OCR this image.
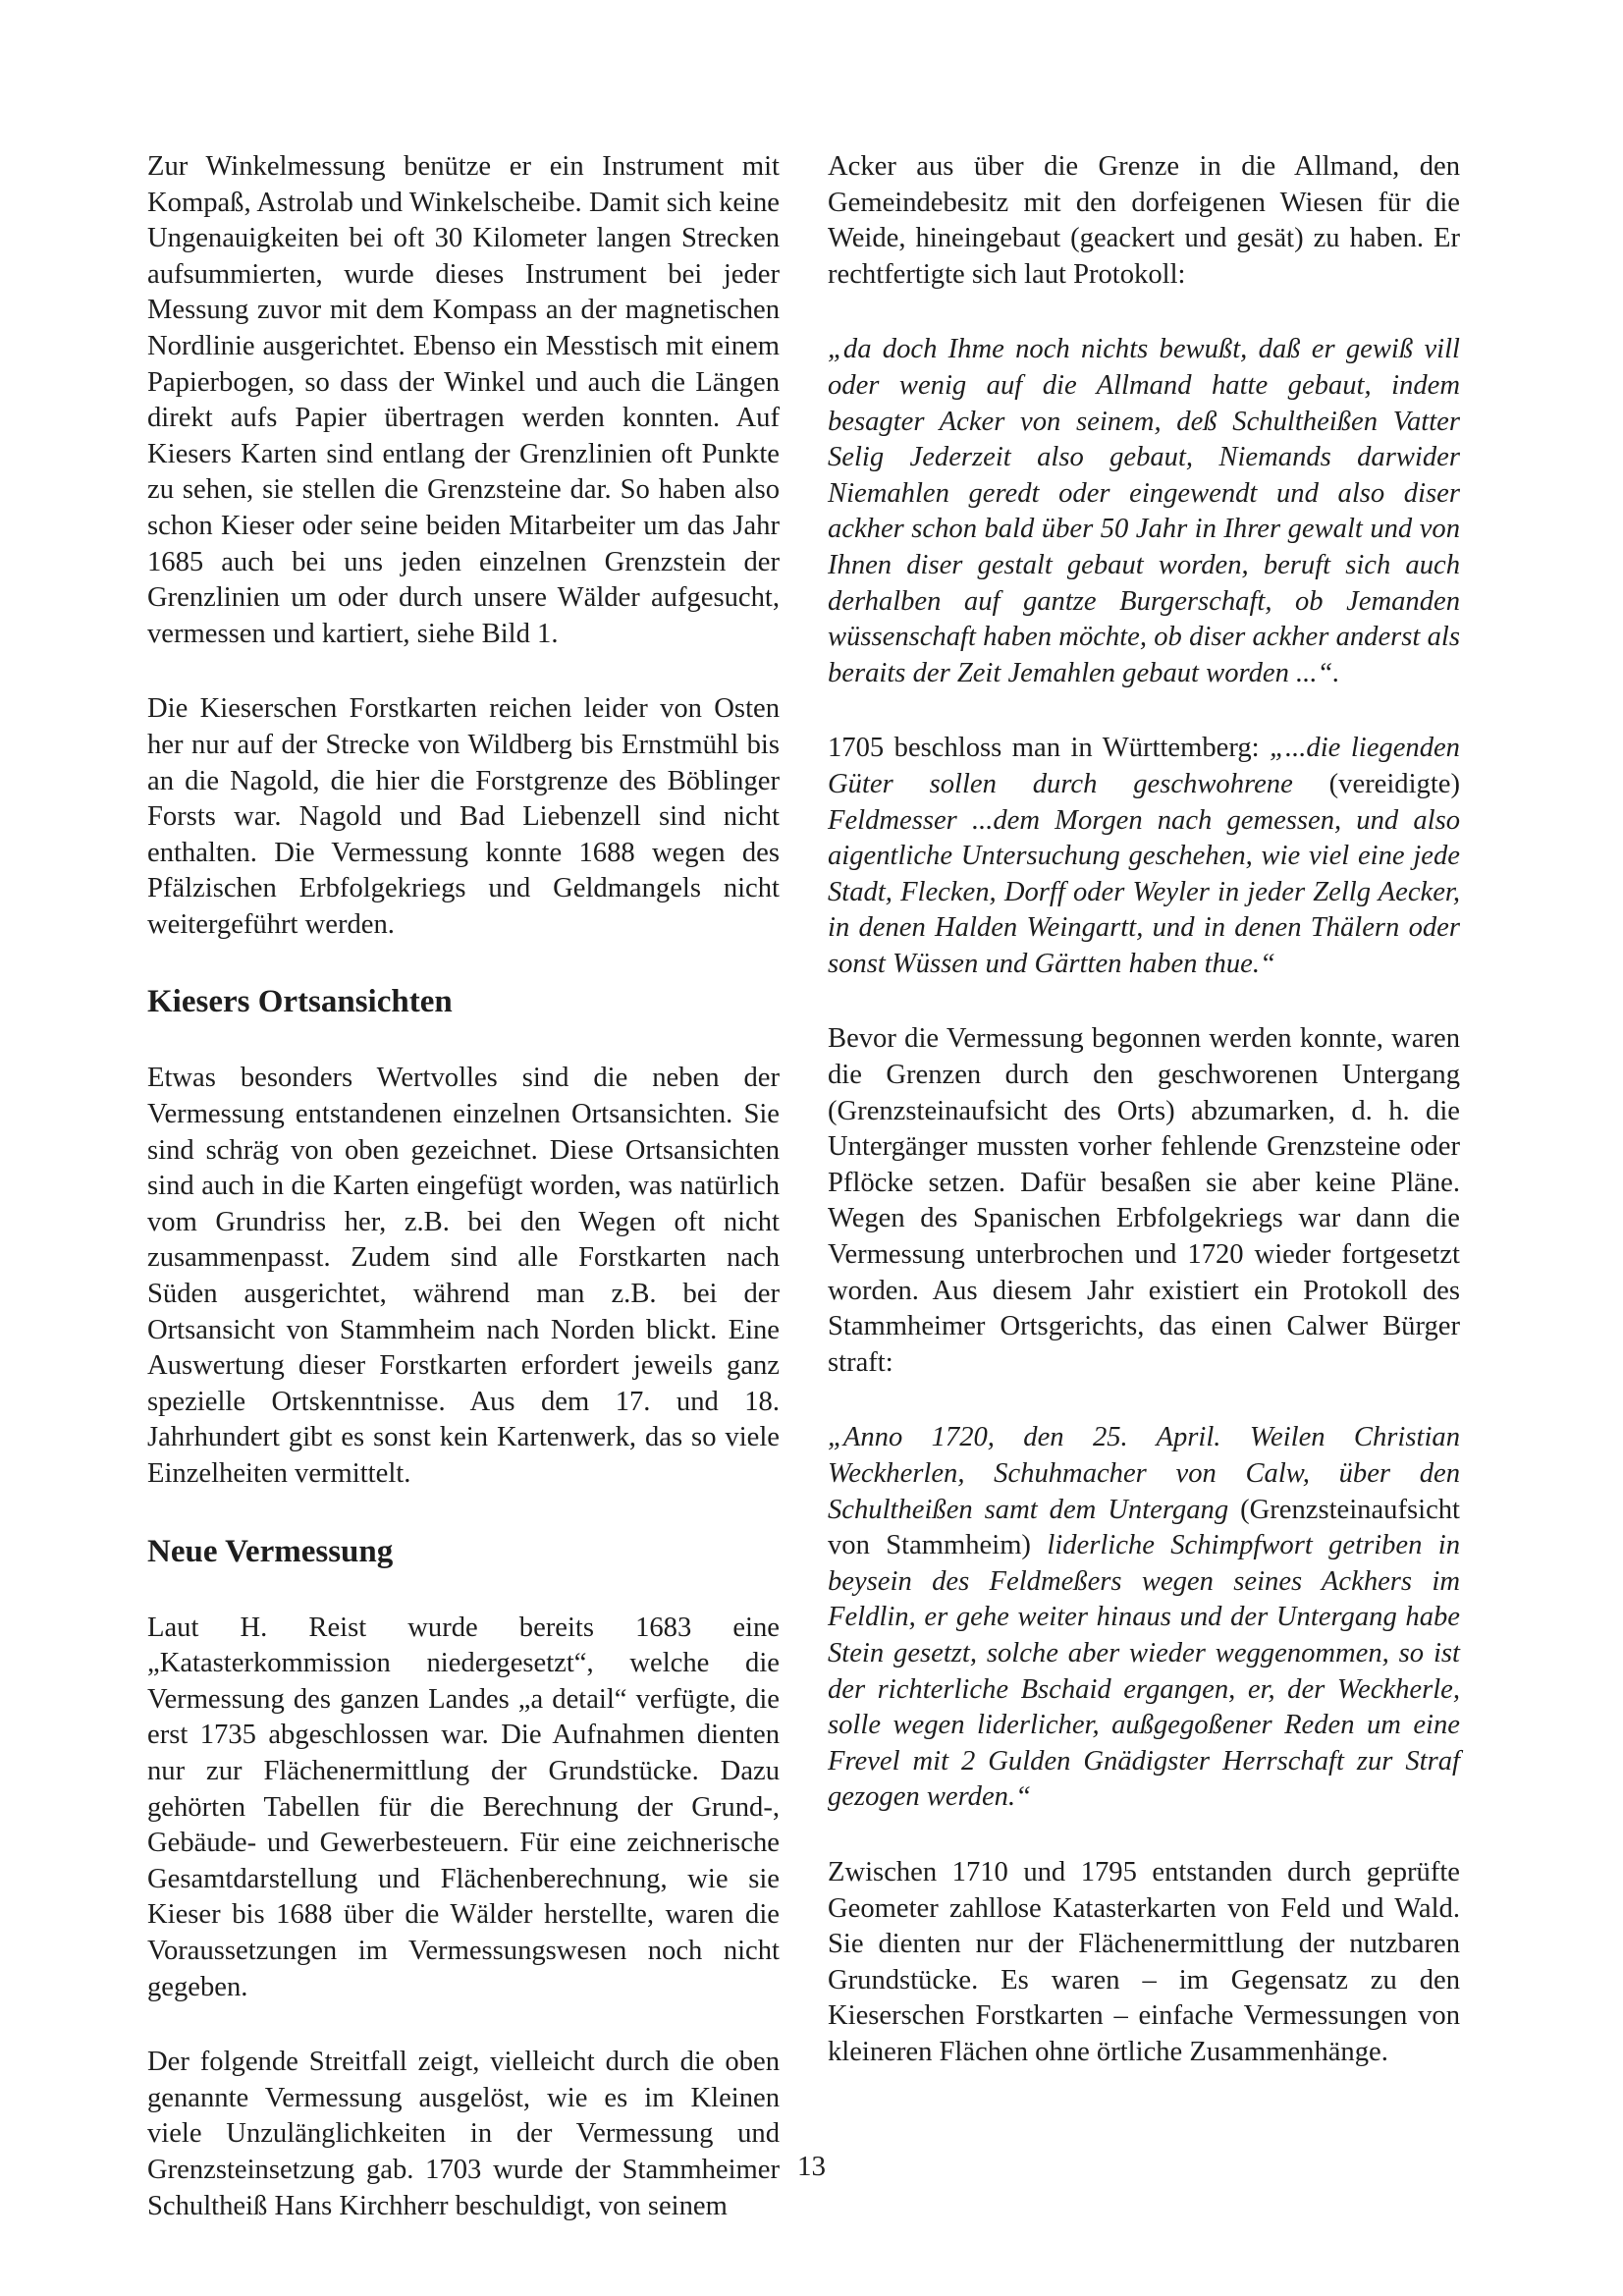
Zur Winkelmessung benütze er ein Instrument mit Kompaß, Astrolab und Winkelscheibe. Damit sich keine Ungenauigkeiten bei oft 30 Kilometer langen Strecken aufsummierten, wurde dieses Instrument bei jeder Messung zuvor mit dem Kompass an der magnetischen Nordlinie ausgerichtet. Ebenso ein Messtisch mit einem Papierbogen, so dass der Winkel und auch die Längen direkt aufs Papier übertragen werden konnten. Auf Kiesers Karten sind entlang der Grenzlinien oft Punkte zu sehen, sie stellen die Grenzsteine dar. So haben also schon Kieser oder seine beiden Mitarbeiter um das Jahr 1685 auch bei uns jeden einzelnen Grenzstein der Grenzlinien um oder durch unsere Wälder aufgesucht, vermessen und kartiert, siehe Bild 1.

Die Kieserschen Forstkarten reichen leider von Osten her nur auf der Strecke von Wildberg bis Ernstmühl bis an die Nagold, die hier die Forstgrenze des Böblinger Forsts war. Nagold und Bad Liebenzell sind nicht enthalten. Die Vermessung konnte 1688 wegen des Pfälzischen Erbfolgekriegs und Geldmangels nicht weitergeführt werden.

Kiesers Ortsansichten

Etwas besonders Wertvolles sind die neben der Vermessung entstandenen einzelnen Ortsansichten. Sie sind schräg von oben gezeichnet. Diese Ortsansichten sind auch in die Karten eingefügt worden, was natürlich vom Grundriss her, z.B. bei den Wegen oft nicht zusammenpasst. Zudem sind alle Forstkarten nach Süden ausgerichtet, während man z.B. bei der Ortsansicht von Stammheim nach Norden blickt. Eine Auswertung dieser Forstkarten erfordert jeweils ganz spezielle Ortskenntnisse. Aus dem 17. und 18. Jahrhundert gibt es sonst kein Kartenwerk, das so viele Einzelheiten vermittelt.

Neue Vermessung

Laut H. Reist wurde bereits 1683 eine „Katasterkommission niedergesetzt“, welche die Vermessung des ganzen Landes „a detail“ verfügte, die erst 1735 abgeschlossen war. Die Aufnahmen dienten nur zur Flächenermittlung der Grundstücke. Dazu gehörten Tabellen für die Berechnung der Grund-, Gebäude- und Gewerbesteuern. Für eine zeichnerische Gesamtdarstellung und Flächenberechnung, wie sie Kieser bis 1688 über die Wälder herstellte, waren die Voraussetzungen im Vermessungswesen noch nicht gegeben.

Der folgende Streitfall zeigt, vielleicht durch die oben genannte Vermessung ausgelöst, wie es im Kleinen viele Unzulänglichkeiten in der Vermessung und Grenzsteinsetzung gab. 1703 wurde der Stammheimer Schultheiß Hans Kirchherr beschuldigt, von seinem

Acker aus über die Grenze in die Allmand, den Gemeindebesitz mit den dorfeigenen Wiesen für die Weide, hineingebaut (geackert und gesät) zu haben. Er rechtfertigte sich laut Protokoll:

„da doch Ihme noch nichts bewußt, daß er gewiß vill oder wenig auf die Allmand hatte gebaut, indem besagter Acker von seinem, deß Schultheißen Vatter Selig Jederzeit also gebaut, Niemands darwider Niemahlen geredt oder eingewendt und also diser ackher schon bald über 50 Jahr in Ihrer gewalt und von Ihnen diser gestalt gebaut worden, beruft sich auch derhalben auf gantze Burgerschaft, ob Jemanden wüssenschaft haben möchte, ob diser ackher anderst als beraits der Zeit Jemahlen gebaut worden ...“.

1705 beschloss man in Württemberg: „...die liegenden Güter sollen durch geschwohrene (vereidigte) Feldmesser ...dem Morgen nach gemessen, und also aigentliche Untersuchung geschehen, wie viel eine jede Stadt, Flecken, Dorff oder Weyler in jeder Zellg Aecker, in denen Halden Weingartt, und in denen Thälern oder sonst Wüssen und Gärtten haben thue.“

Bevor die Vermessung begonnen werden konnte, waren die Grenzen durch den geschworenen Untergang (Grenzsteinaufsicht des Orts) abzumarken, d. h. die Untergänger mussten vorher fehlende Grenzsteine oder Pflöcke setzen. Dafür besaßen sie aber keine Pläne. Wegen des Spanischen Erbfolgekriegs war dann die Vermessung unterbrochen und 1720 wieder fortgesetzt worden. Aus diesem Jahr existiert ein Protokoll des Stammheimer Ortsgerichts, das einen Calwer Bürger straft:

„Anno 1720, den 25. April. Weilen Christian Weckherlen, Schuhmacher von Calw, über den Schultheißen samt dem Untergang (Grenzsteinaufsicht von Stammheim) liderliche Schimpfwort getriben in beysein des Feldmeßers wegen seines Ackhers im Feldlin, er gehe weiter hinaus und der Untergang habe Stein gesetzt, solche aber wieder weggenommen, so ist der richterliche Bschaid ergangen, er, der Weckherle, solle wegen liderlicher, außgegoßener Reden um eine Frevel mit 2 Gulden Gnädigster Herrschaft zur Straf gezogen werden.“

Zwischen 1710 und 1795 entstanden durch geprüfte Geometer zahllose Katasterkarten von Feld und Wald. Sie dienten nur der Flächenermittlung der nutzbaren Grundstücke. Es waren – im Gegensatz zu den Kieserschen Forstkarten – einfache Vermessungen von kleineren Flächen ohne örtliche Zusammenhänge.

13
